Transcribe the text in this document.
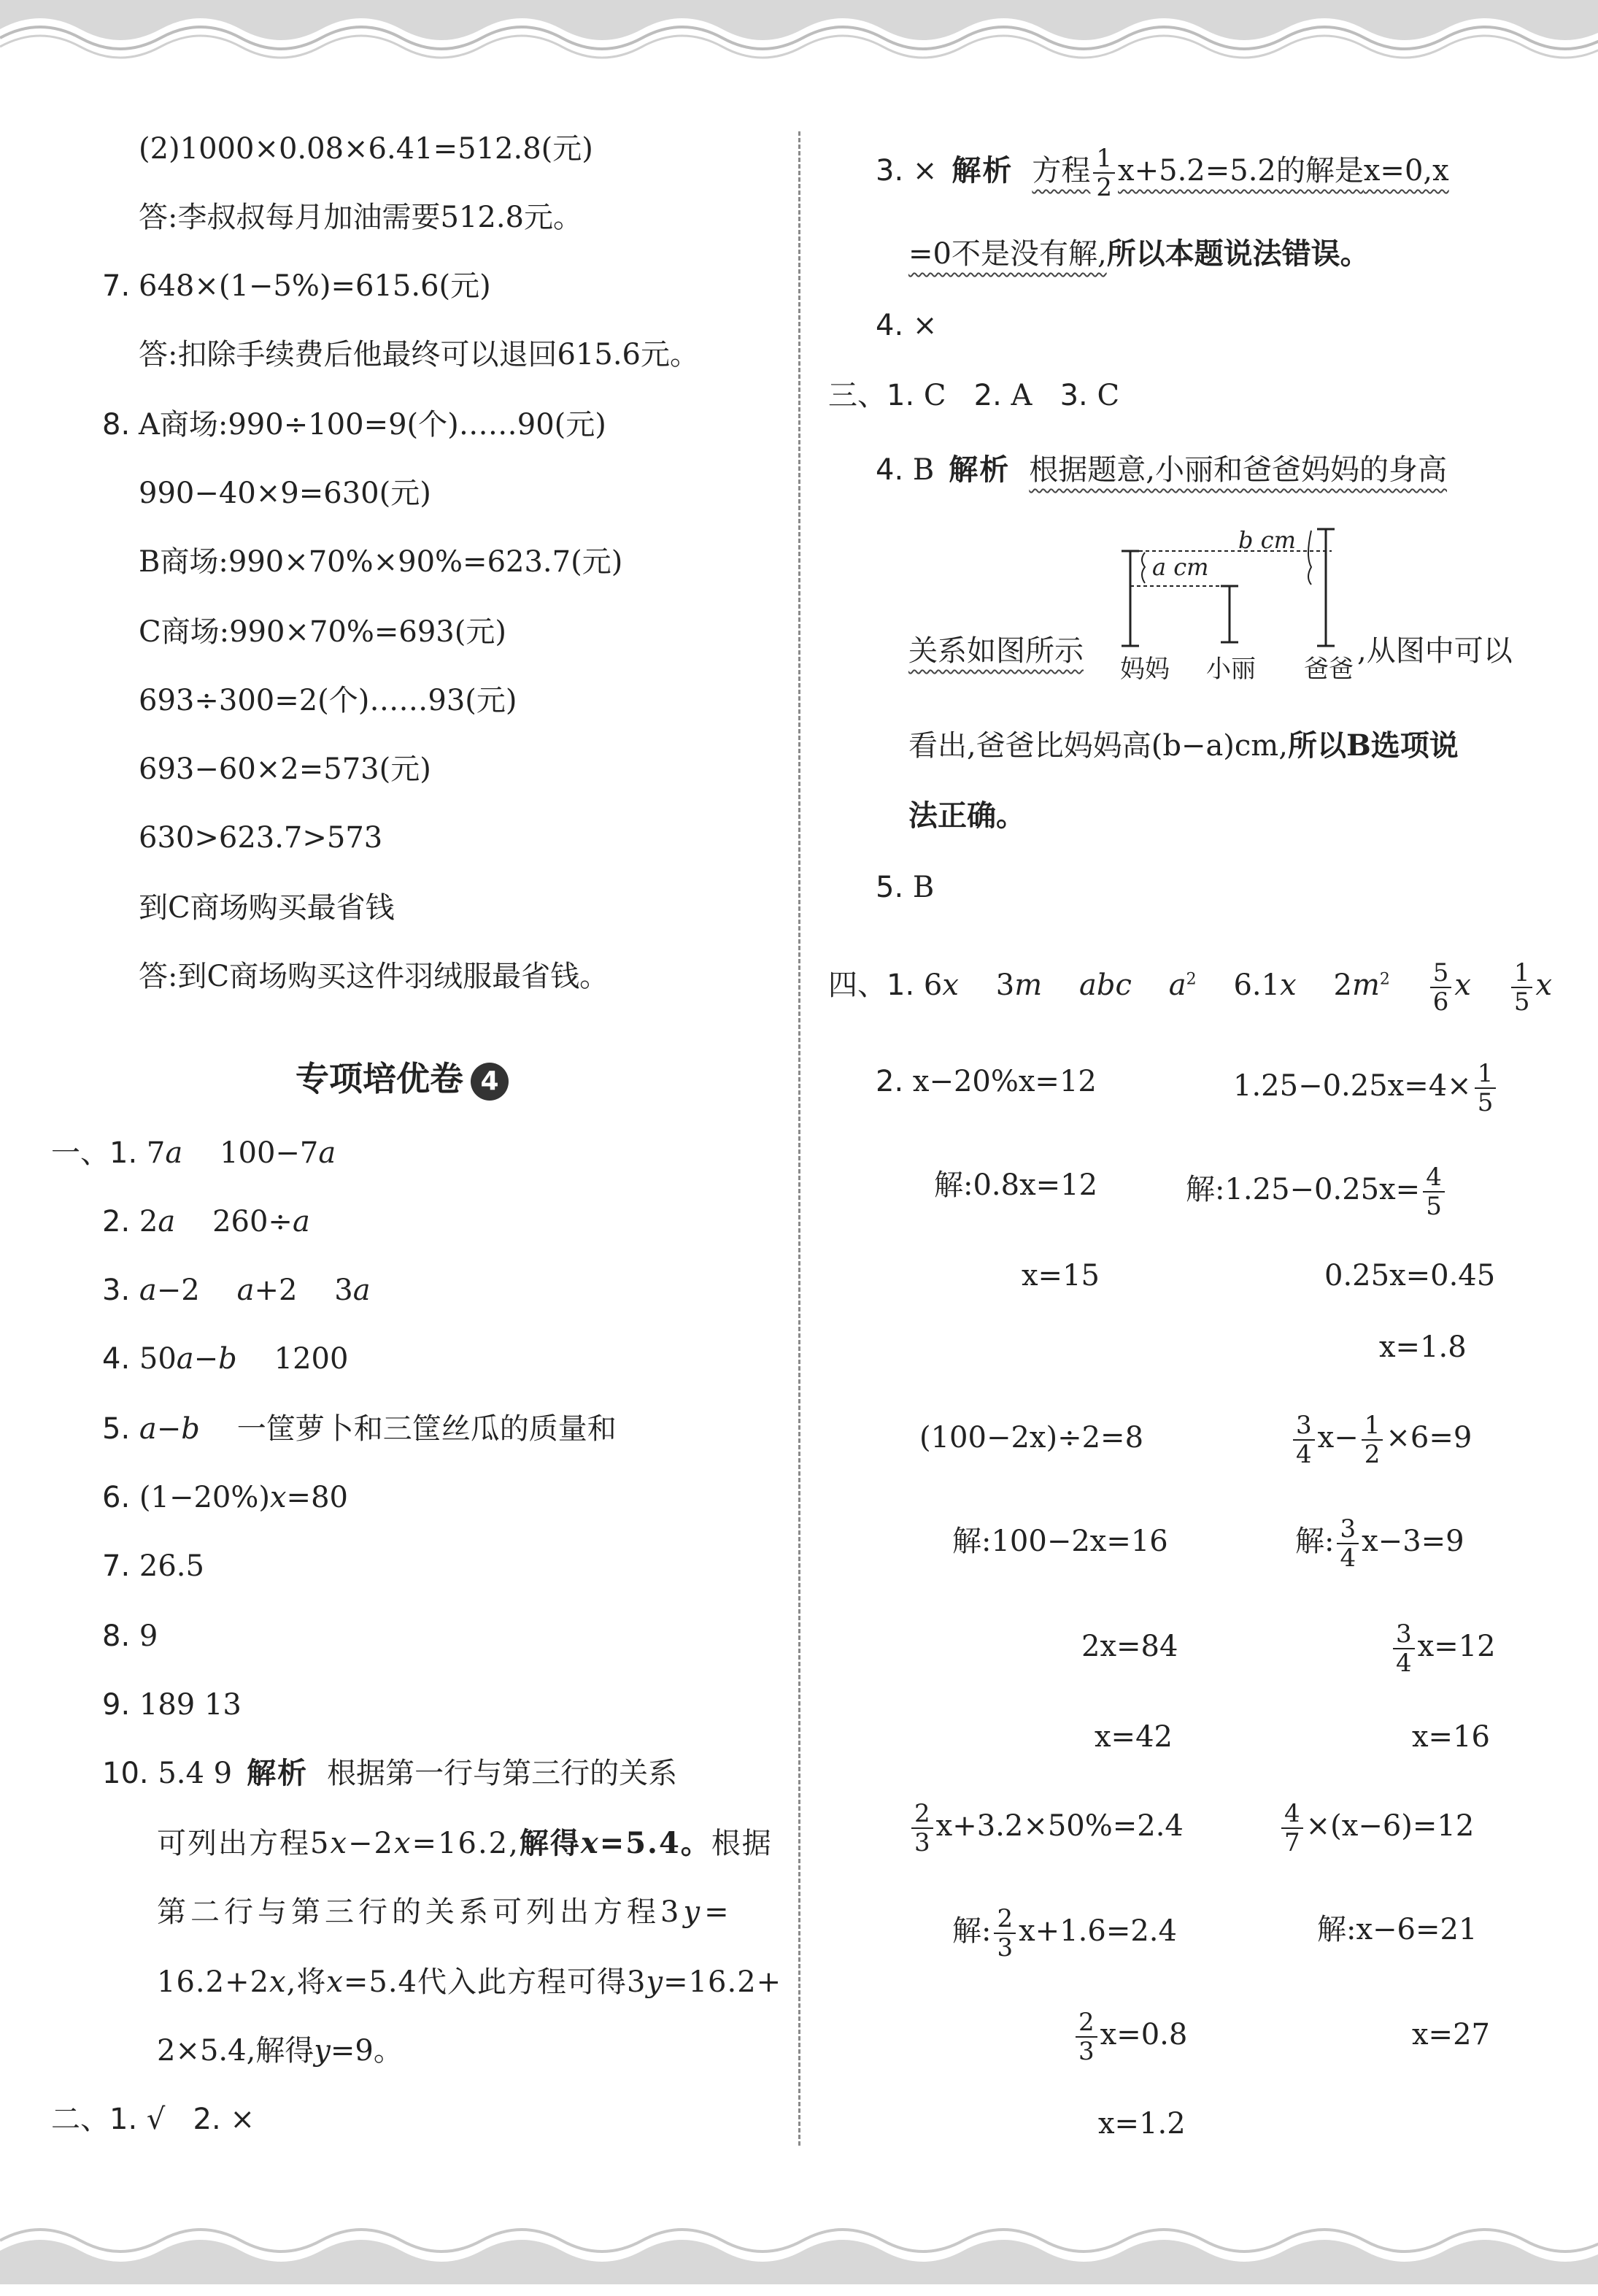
(2)1000×0.08×6.41=512.8(元)
答:李叔叔每月加油需要512.8元。
7. 648×(1−5%)=615.6(元)
答:扣除手续费后他最终可以退回615.6元。
8. A商场:990÷100=9(个)……90(元)
990−40×9=630(元)
B商场:990×70%×90%=623.7(元)
C商场:990×70%=693(元)
693÷300=2(个)……93(元)
693−60×2=573(元)
630>623.7>573
到C商场购买最省钱
答:到C商场购买这件羽绒服最省钱。
专项培优卷 4
一、1. 7a 100−7a
2. 2a 260÷a
3. a−2    a+2    3a
4. 50a−b 1200
5. a−b 一筐萝卜和三筐丝瓜的质量和
6. (1−20%)x=80
7. 26.5
8. 9
9. 189 13
10. 5.4 9 解析 根据第一行与第三行的关系
可列出方程5x−2x=16.2,解得x=5.4。根据
第二行与第三行的关系可列出方程3y=
16.2+2x,将x=5.4代入此方程可得3y=16.2+
2×5.4,解得y=9。
二、1. √ 2. ×
3. × 解析 方程 $\frac{1}{2} x+5.2=5.2$的解是x=0,x
=0不是没有解,所以本题说法错误。
4. ×
三、1. C 2. A 3. C
4. B 解析 根据题意,小丽和爸爸妈妈的身高
a cm
b cm
妈妈 小丽 爸爸
关系如图所示	,从图中可以
看出,爸爸比妈妈高(b−a)cm,所以B选项说
法正确。
5. B
四、1. 6x    3m abc $a^2$    6.1x    $2m^2 \frac{5}{6}$ x $\frac{1}{5}$ x
2. x−20%x=12	$1.25-0.25x=4\times \frac{1}{5}$
解:0.8x=12	解:1.25−0.25x= $\frac{4}{5}$
x=15	0.25x=0.45
x=1.8
(100−2x)÷2=8	$\frac{3}{4} x- \frac{1}{2} \times 6=9$
解:100−2x=16	解: $\frac{3}{4} x-3=9$
2x=84	$\frac{3}{4} x=12$
x=42	x=16
$\frac{2}{3} x+3.2\times 50\%=2.4$	$\frac{4}{7} \times(x-6)=12$
解: $\frac{2}{3} x+1.6=2.4$	解:x−6=21
$\frac{2}{3} x=0.8$	x=27
x=1.2
